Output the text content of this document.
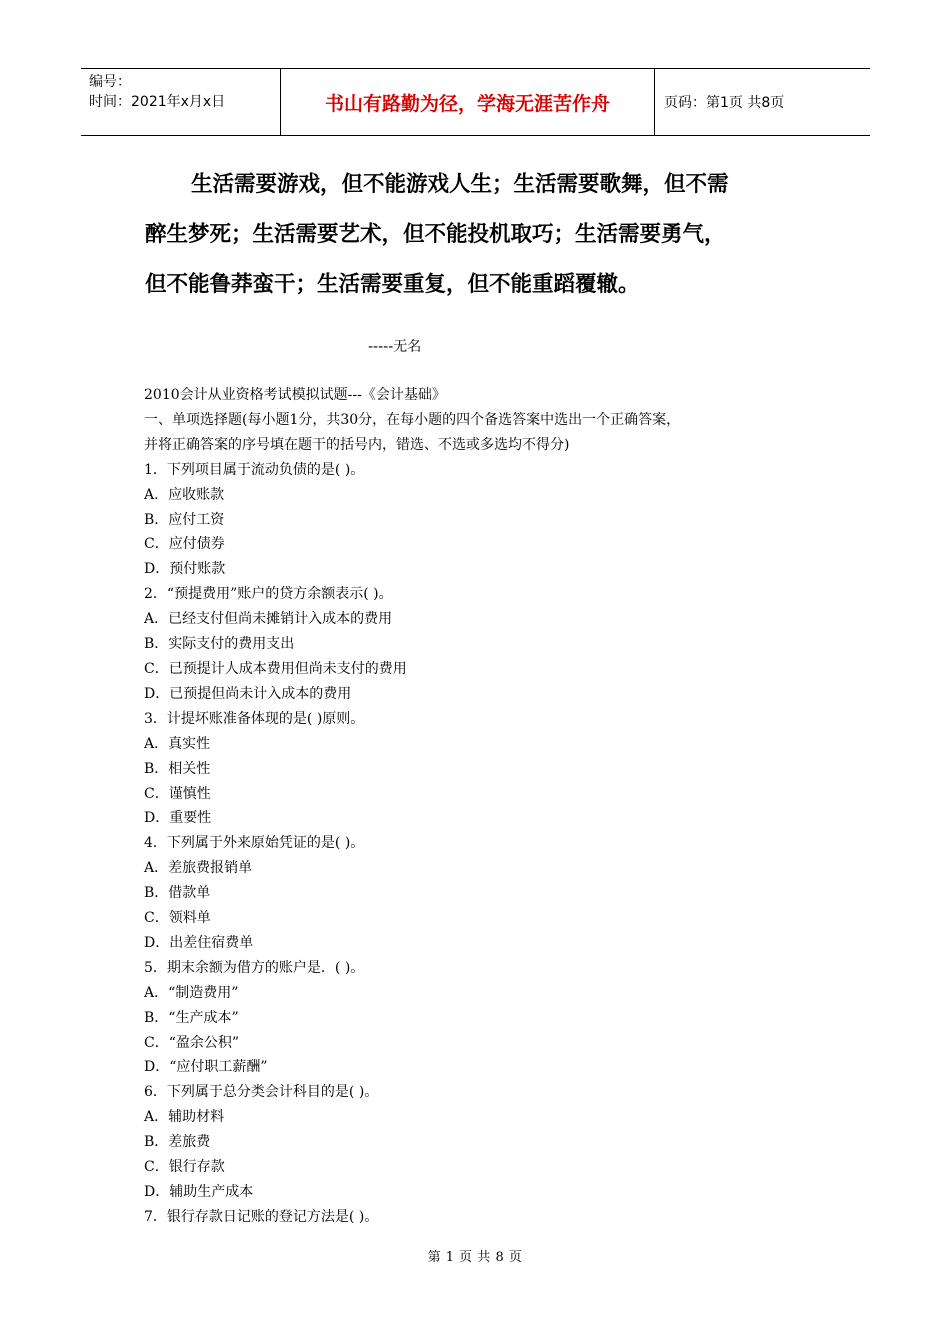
编号：
时间：2021年x月x日	书山有路勤为径，学海无涯苦作舟	页码：第1页 共8页
生活需要游戏，但不能游戏人生；生活需要歌舞，但不需
醉生梦死；生活需要艺术，但不能投机取巧；生活需要勇气，
但不能鲁莽蛮干；生活需要重复，但不能重蹈覆辙。
-----无名
2010会计从业资格考试模拟试题---《会计基础》
一、单项选择题(每小题1分，共30分，在每小题的四个备选答案中选出一个正确答案，
并将正确答案的序号填在题干的括号内，错选、不选或多选均不得分)
1．下列项目属于流动负债的是( )。
A．应收账款
B．应付工资
C．应付债券
D．预付账款
2．“预提费用”账户的贷方余额表示( )。
A．已经支付但尚未摊销计入成本的费用
B．实际支付的费用支出
C．已预提计人成本费用但尚未支付的费用
D．已预提但尚未计入成本的费用
3．计提坏账准备体现的是( )原则。
A．真实性
B．相关性
C．谨慎性
D．重要性
4．下列属于外来原始凭证的是( )。
A．差旅费报销单
B．借款单
C．领料单
D．出差住宿费单
5．期末余额为借方的账户是．( )。
A．“制造费用”
B．“生产成本”
C．“盈余公积”
D．“应付职工薪酬”
6．下列属于总分类会计科目的是( )。
A．辅助材料
B．差旅费
C．银行存款
D．辅助生产成本
7．银行存款日记账的登记方法是( )。
第 1 页 共 8 页
